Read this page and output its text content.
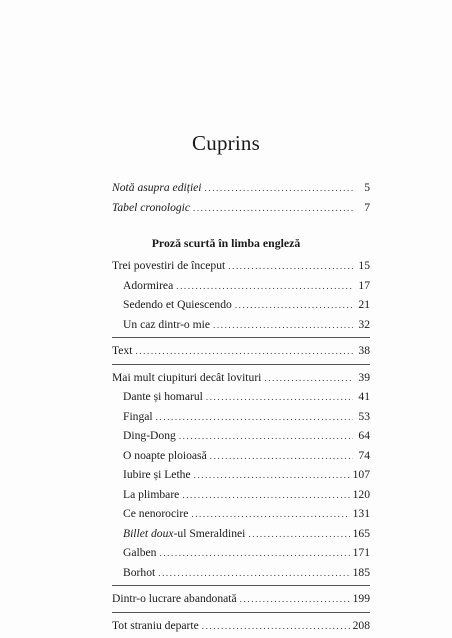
Cuprins
Notă asupra ediției .....	5
Tabel cronologic .....	7
Proză scurtă în limba engleză
Trei povestiri de început .....	15
Adormirea .....	17
Sedendo et Quiescendo .....	21
Un caz dintr-o mie .....	32
Text .....	38
Mai mult ciupituri decât lovituri .....	39
Dante și homarul .....	41
Fingal .....	53
Ding-Dong .....	64
O noapte ploioasă .....	74
Iubire și Lethe .....	107
La plimbare .....	120
Ce nenorocire .....	131
Billet doux-ul Smeraldinei .....	165
Galben .....	171
Borhot .....	185
Dintr-o lucrare abandonată .....	199
Tot straniu departe .....	208
